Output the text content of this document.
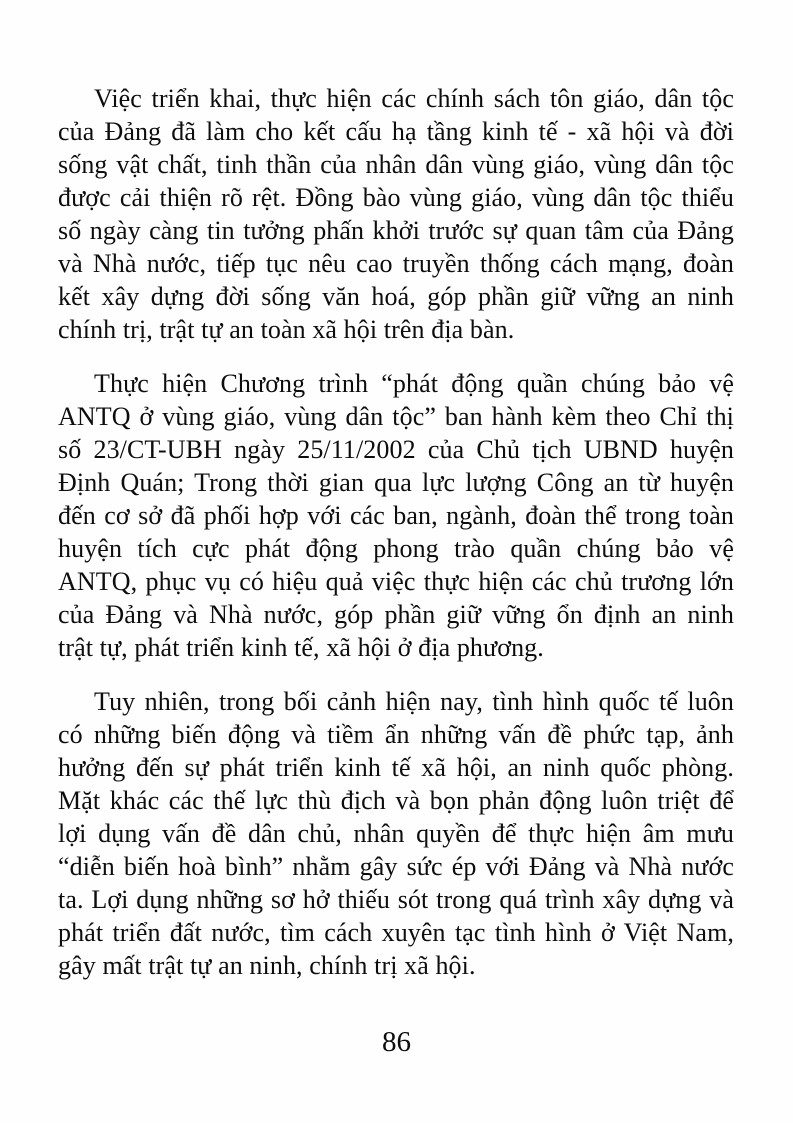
Việc triển khai, thực hiện các chính sách tôn giáo, dân tộc
của Đảng đã làm cho kết cấu hạ tầng kinh tế - xã hội và đời
sống vật chất, tinh thần của nhân dân vùng giáo, vùng dân tộc
được cải thiện rõ rệt. Đồng bào vùng giáo, vùng dân tộc thiểu
số ngày càng tin tưởng phấn khởi trước sự quan tâm của Đảng
và Nhà nước, tiếp tục nêu cao truyền thống cách mạng, đoàn
kết xây dựng đời sống văn hoá, góp phần giữ vững an ninh
chính trị, trật tự an toàn xã hội trên địa bàn.
Thực hiện Chương trình “phát động quần chúng bảo vệ
ANTQ ở vùng giáo, vùng dân tộc” ban hành kèm theo Chỉ thị
số 23/CT-UBH ngày 25/11/2002 của Chủ tịch UBND huyện
Định Quán; Trong thời gian qua lực lượng Công an từ huyện
đến cơ sở đã phối hợp với các ban, ngành, đoàn thể trong toàn
huyện tích cực phát động phong trào quần chúng bảo vệ
ANTQ, phục vụ có hiệu quả việc thực hiện các chủ trương lớn
của Đảng và Nhà nước, góp phần giữ vững ổn định an ninh
trật tự, phát triển kinh tế, xã hội ở địa phương.
Tuy nhiên, trong bối cảnh hiện nay, tình hình quốc tế luôn
có những biến động và tiềm ẩn những vấn đề phức tạp, ảnh
hưởng đến sự phát triển kinh tế xã hội, an ninh quốc phòng.
Mặt khác các thế lực thù địch và bọn phản động luôn triệt để
lợi dụng vấn đề dân chủ, nhân quyền để thực hiện âm mưu
“diễn biến hoà bình” nhằm gây sức ép với Đảng và Nhà nước
ta. Lợi dụng những sơ hở thiếu sót trong quá trình xây dựng và
phát triển đất nước, tìm cách xuyên tạc tình hình ở Việt Nam,
gây mất trật tự an ninh, chính trị xã hội.
86
